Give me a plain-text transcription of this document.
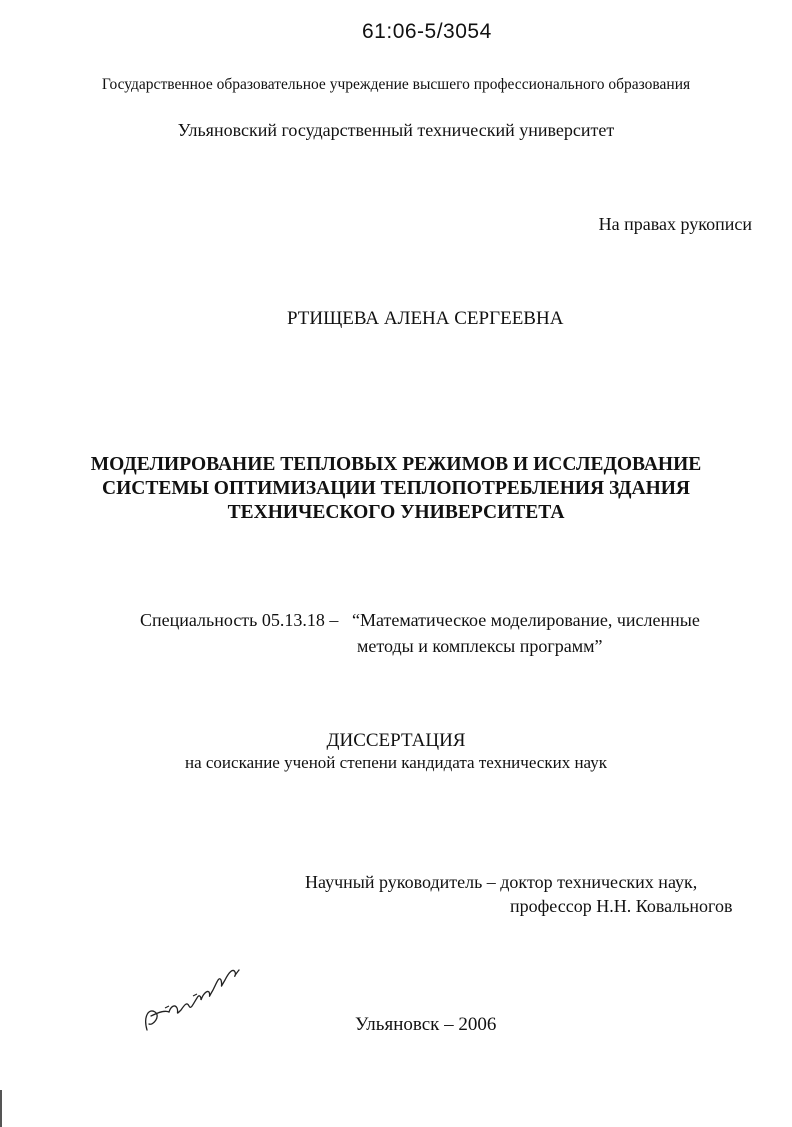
61:06-5/3054
Государственное образовательное учреждение высшего профессионального образования
Ульяновский государственный технический университет
На правах рукописи
РТИЩЕВА АЛЕНА СЕРГЕЕВНА
МОДЕЛИРОВАНИЕ ТЕПЛОВЫХ РЕЖИМОВ И ИССЛЕДОВАНИЕ
СИСТЕМЫ ОПТИМИЗАЦИИ ТЕПЛОПОТРЕБЛЕНИЯ ЗДАНИЯ
ТЕХНИЧЕСКОГО УНИВЕРСИТЕТА
Специальность 05.13.18 – “Математическое моделирование, численные
методы и комплексы программ”
ДИССЕРТАЦИЯ
на соискание ученой степени кандидата технических наук
Научный руководитель – доктор технических наук,
профессор Н.Н. Ковальногов
Ульяновск – 2006
